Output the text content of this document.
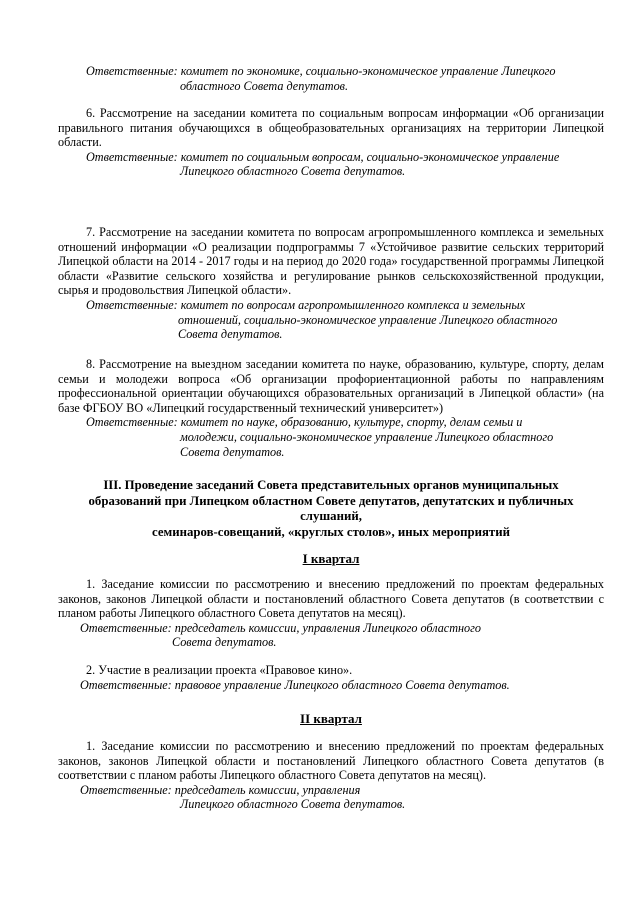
Ответственные: комитет по экономике, социально-экономическое управление Липецкого
областного Совета депутатов.

6. Рассмотрение на заседании комитета по социальным вопросам информации «Об организации правильного питания обучающихся в общеобразовательных организациях на территории Липецкой области.

Ответственные: комитет по социальным вопросам, социально-экономическое управление
Липецкого областного Совета депутатов.

7. Рассмотрение на заседании комитета по вопросам агропромышленного комплекса и земельных отношений информации «О реализации подпрограммы 7 «Устойчивое развитие сельских территорий Липецкой области на 2014 - 2017 годы и на период до 2020 года» государственной программы Липецкой области «Развитие сельского хозяйства и регулирование рынков сельскохозяйственной продукции, сырья и продовольствия Липецкой области».

Ответственные: комитет по вопросам агропромышленного комплекса и земельных
отношений, социально-экономическое управление Липецкого областного
Совета депутатов.

8. Рассмотрение на выездном заседании комитета по науке, образованию, культуре, спорту, делам семьи и молодежи вопроса «Об организации профориентационной работы по направлениям профессиональной ориентации обучающихся образовательных организаций в Липецкой области» (на базе ФГБОУ ВО «Липецкий государственный технический университет»)

Ответственные: комитет по науке, образованию, культуре, спорту, делам семьи и
молодежи, социально-экономическое управление Липецкого областного
Совета депутатов.

III. Проведение заседаний Совета представительных органов муниципальных
образований при Липецком областном Совете депутатов, депутатских и публичных
слушаний,
семинаров-совещаний, «круглых столов», иных мероприятий
I квартал

1. Заседание комиссии по рассмотрению и внесению предложений по проектам федеральных законов, законов Липецкой области и постановлений областного Совета депутатов (в соответствии с планом работы Липецкого областного Совета депутатов на месяц).

Ответственные: председатель комиссии, управления Липецкого областного
Совета депутатов.

2. Участие в реализации проекта «Правовое кино».

Ответственные: правовое управление Липецкого областного Совета депутатов.

II квартал

1. Заседание комиссии по рассмотрению и внесению предложений по проектам федеральных законов, законов Липецкой области и постановлений Липецкого областного Совета депутатов (в соответствии с планом работы Липецкого областного Совета депутатов на месяц).

Ответственные: председатель комиссии, управления
Липецкого областного Совета депутатов.
